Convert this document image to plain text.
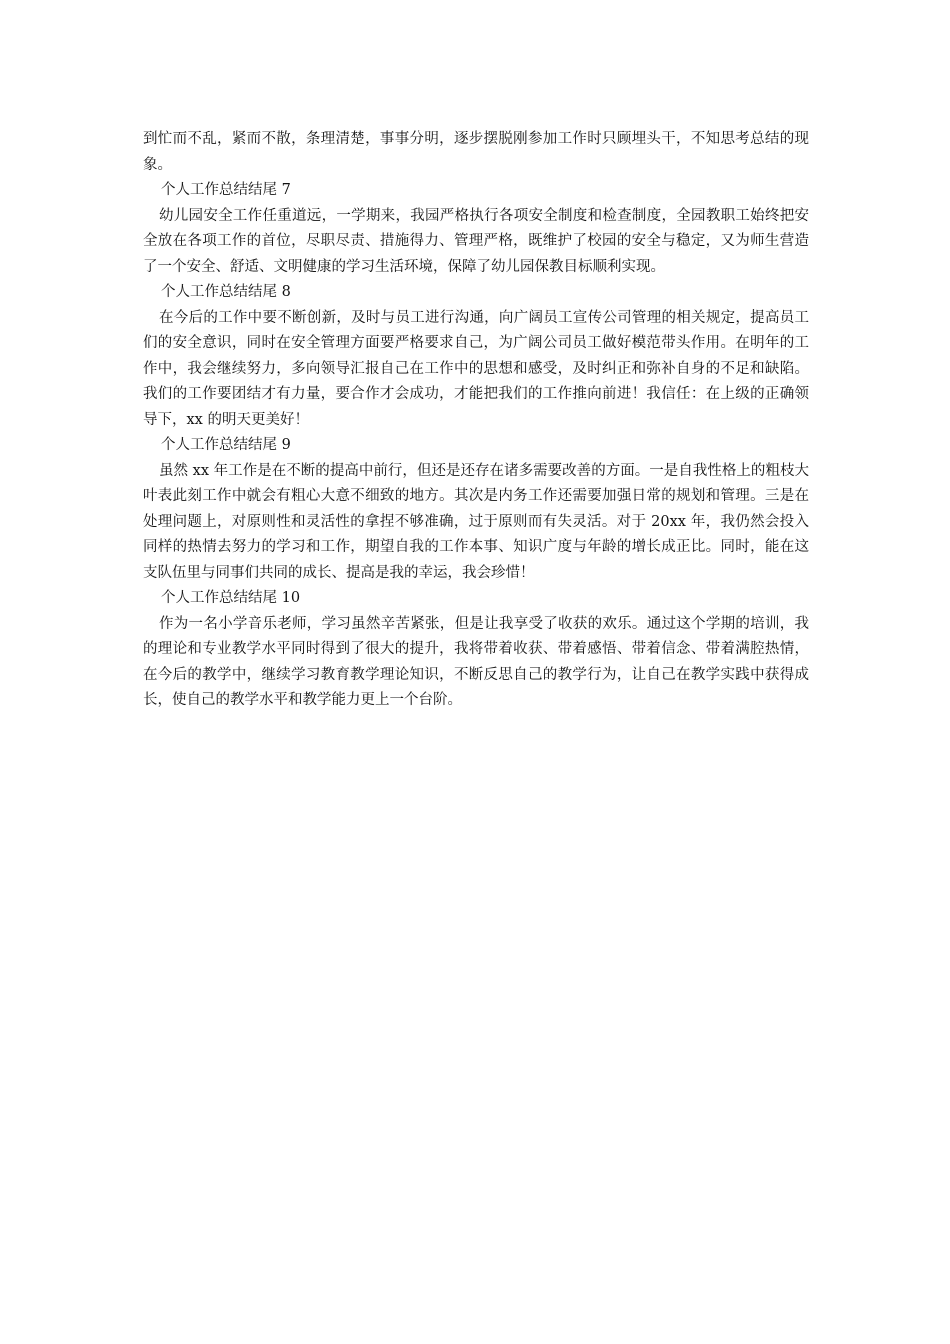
到忙而不乱，紧而不散，条理清楚，事事分明，逐步摆脱刚参加工作时只顾埋头干，不知思考总结的现象。

个人工作总结结尾 7

幼儿园安全工作任重道远，一学期来，我园严格执行各项安全制度和检查制度，全园教职工始终把安全放在各项工作的首位，尽职尽责、措施得力、管理严格，既维护了校园的安全与稳定，又为师生营造了一个安全、舒适、文明健康的学习生活环境，保障了幼儿园保教目标顺利实现。

个人工作总结结尾 8

在今后的工作中要不断创新，及时与员工进行沟通，向广阔员工宣传公司管理的相关规定，提高员工们的安全意识，同时在安全管理方面要严格要求自己，为广阔公司员工做好模范带头作用。在明年的工作中，我会继续努力，多向领导汇报自己在工作中的思想和感受，及时纠正和弥补自身的不足和缺陷。我们的工作要团结才有力量，要合作才会成功，才能把我们的工作推向前进！我信任：在上级的正确领导下，xx 的明天更美好！

个人工作总结结尾 9

虽然 xx 年工作是在不断的提高中前行，但还是还存在诸多需要改善的方面。一是自我性格上的粗枝大叶表此刻工作中就会有粗心大意不细致的地方。其次是内务工作还需要加强日常的规划和管理。三是在处理问题上，对原则性和灵活性的拿捏不够准确，过于原则而有失灵活。对于 20xx 年，我仍然会投入同样的热情去努力的学习和工作，期望自我的工作本事、知识广度与年龄的增长成正比。同时，能在这支队伍里与同事们共同的成长、提高是我的幸运，我会珍惜！

个人工作总结结尾 10

作为一名小学音乐老师，学习虽然辛苦紧张，但是让我享受了收获的欢乐。通过这个学期的培训，我的理论和专业教学水平同时得到了很大的提升，我将带着收获、带着感悟、带着信念、带着满腔热情，在今后的教学中，继续学习教育教学理论知识，不断反思自己的教学行为，让自己在教学实践中获得成长，使自己的教学水平和教学能力更上一个台阶。
